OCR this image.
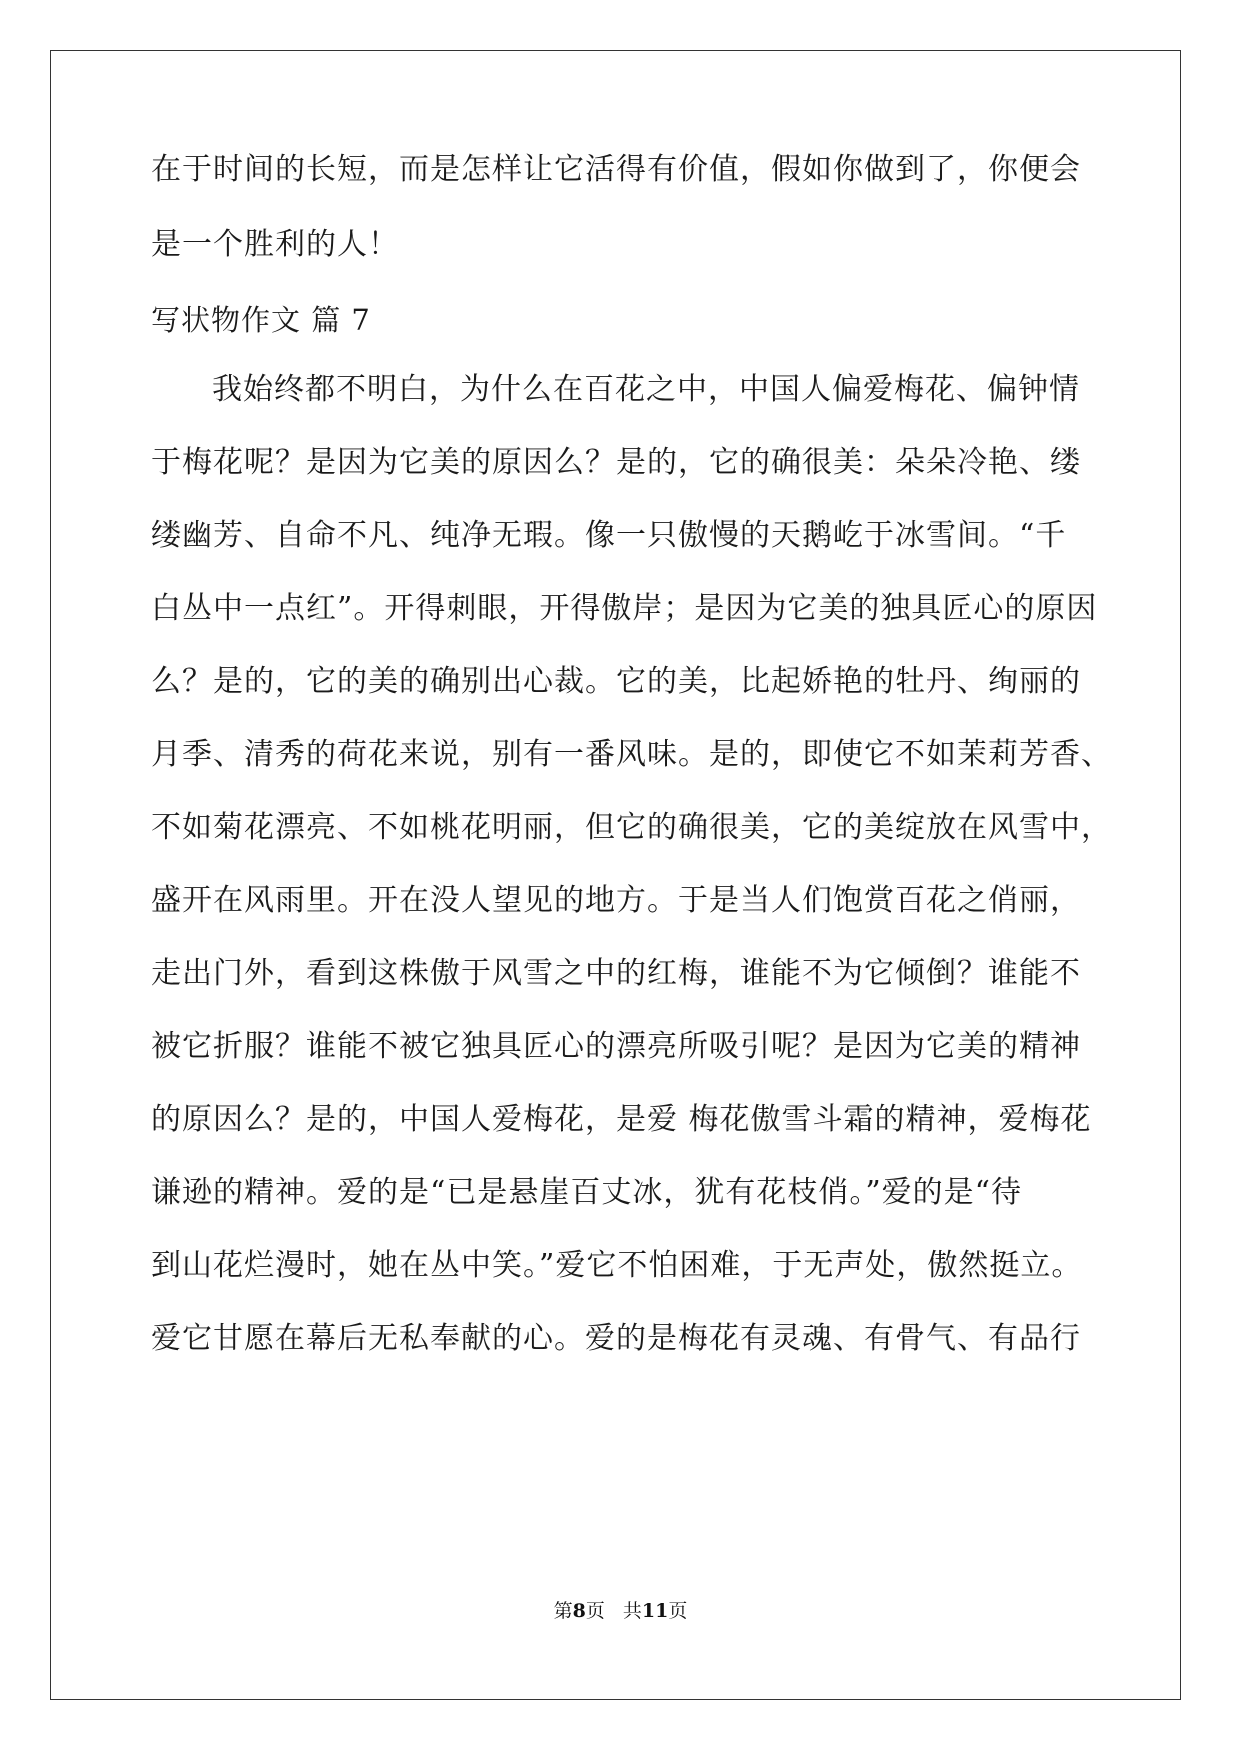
在于时间的长短，而是怎样让它活得有价值，假如你做到了，你便会
是一个胜利的人！
写状物作文 篇 7
我始终都不明白，为什么在百花之中，中国人偏爱梅花、偏钟情
于梅花呢？是因为它美的原因么？是的，它的确很美：朵朵冷艳、缕
缕幽芳、自命不凡、纯净无瑕。像一只傲慢的天鹅屹于冰雪间。“千
白丛中一点红”。开得刺眼，开得傲岸；是因为它美的独具匠心的原因
么？是的，它的美的确别出心裁。它的美，比起娇艳的牡丹、绚丽的
月季、清秀的荷花来说，别有一番风味。是的，即使它不如茉莉芳香、
不如菊花漂亮、不如桃花明丽，但它的确很美，它的美绽放在风雪中，
盛开在风雨里。开在没人望见的地方。于是当人们饱赏百花之俏丽，
走出门外，看到这株傲于风雪之中的红梅，谁能不为它倾倒？谁能不
被它折服？谁能不被它独具匠心的漂亮所吸引呢？是因为它美的精神
的原因么？是的，中国人爱梅花，是爱 梅花傲雪斗霜的精神，爱梅花
谦逊的精神。爱的是“已是悬崖百丈冰，犹有花枝俏。”爱的是“待
到山花烂漫时，她在丛中笑。”爱它不怕困难，于无声处，傲然挺立。
爱它甘愿在幕后无私奉献的心。爱的是梅花有灵魂、有骨气、有品行
第8页 共11页
